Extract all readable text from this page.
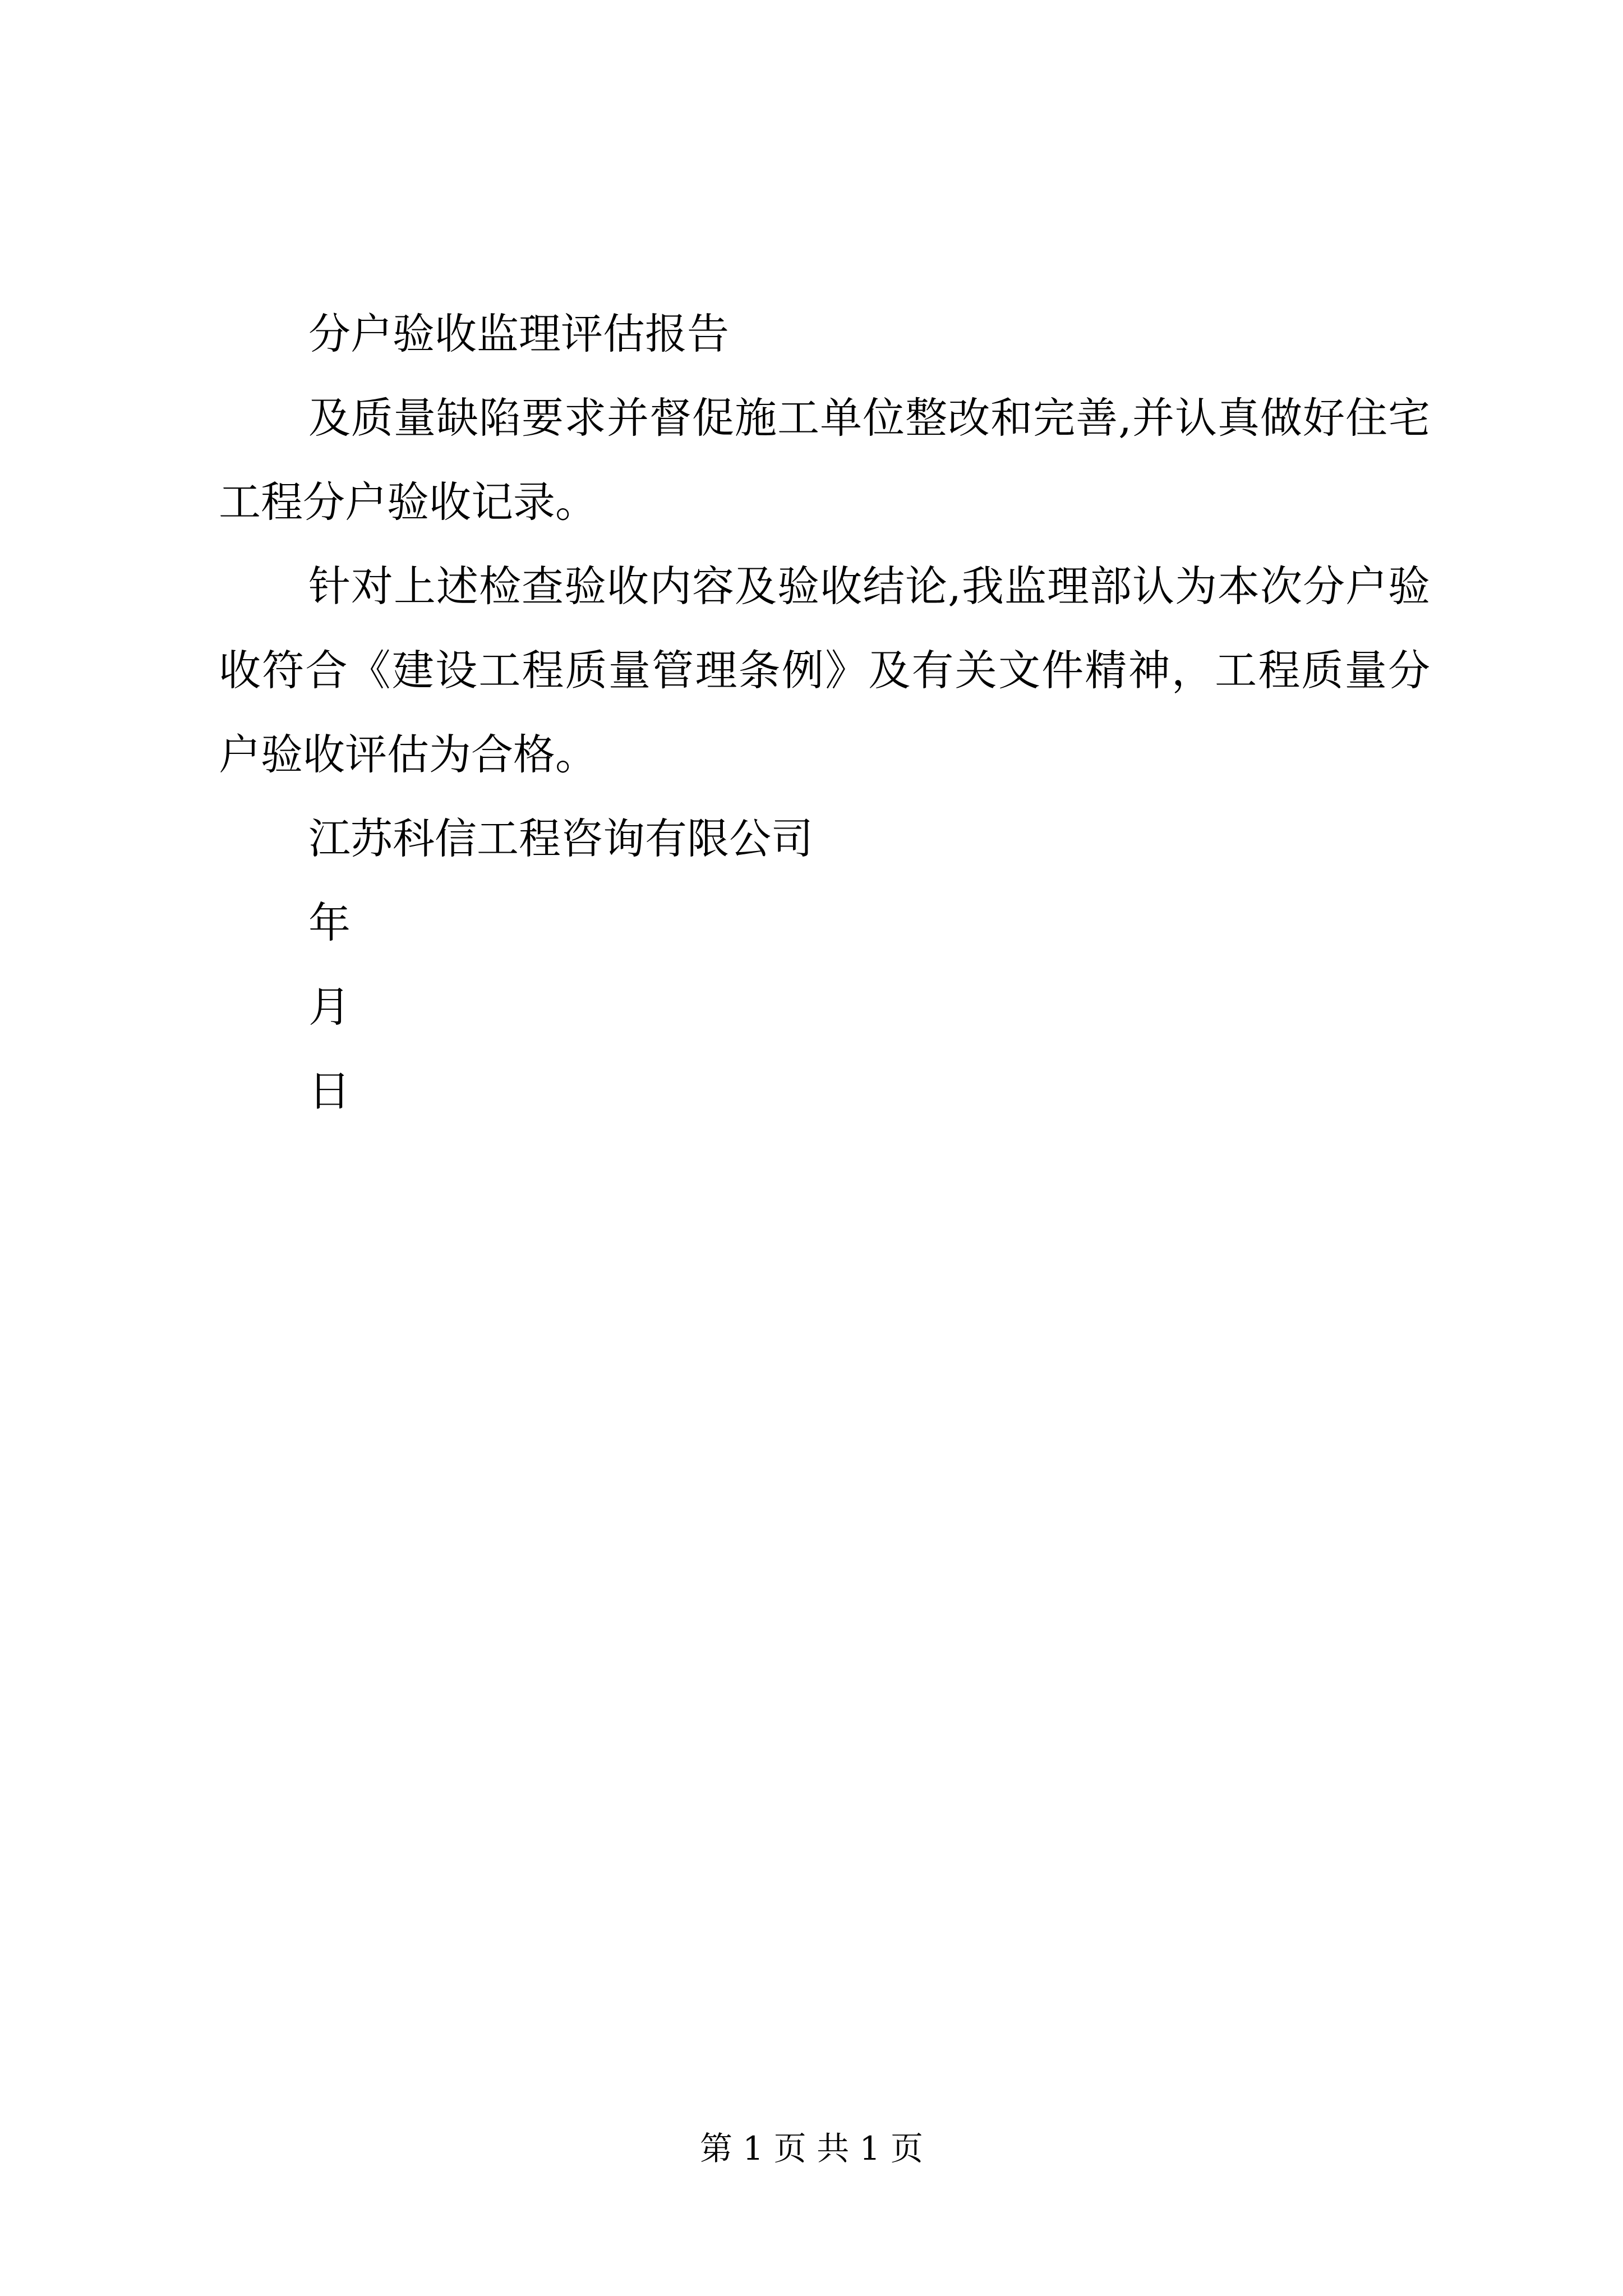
分户验收监理评估报告

及质量缺陷要求并督促施工单位整改和完善,并认真做好住宅工程分户验收记录。

针对上述检查验收内容及验收结论,我监理部认为本次分户验收符合《建设工程质量管理条例》及有关文件精神，工程质量分户验收评估为合格。

江苏科信工程咨询有限公司

年

月

日

第 1 页 共 1 页
